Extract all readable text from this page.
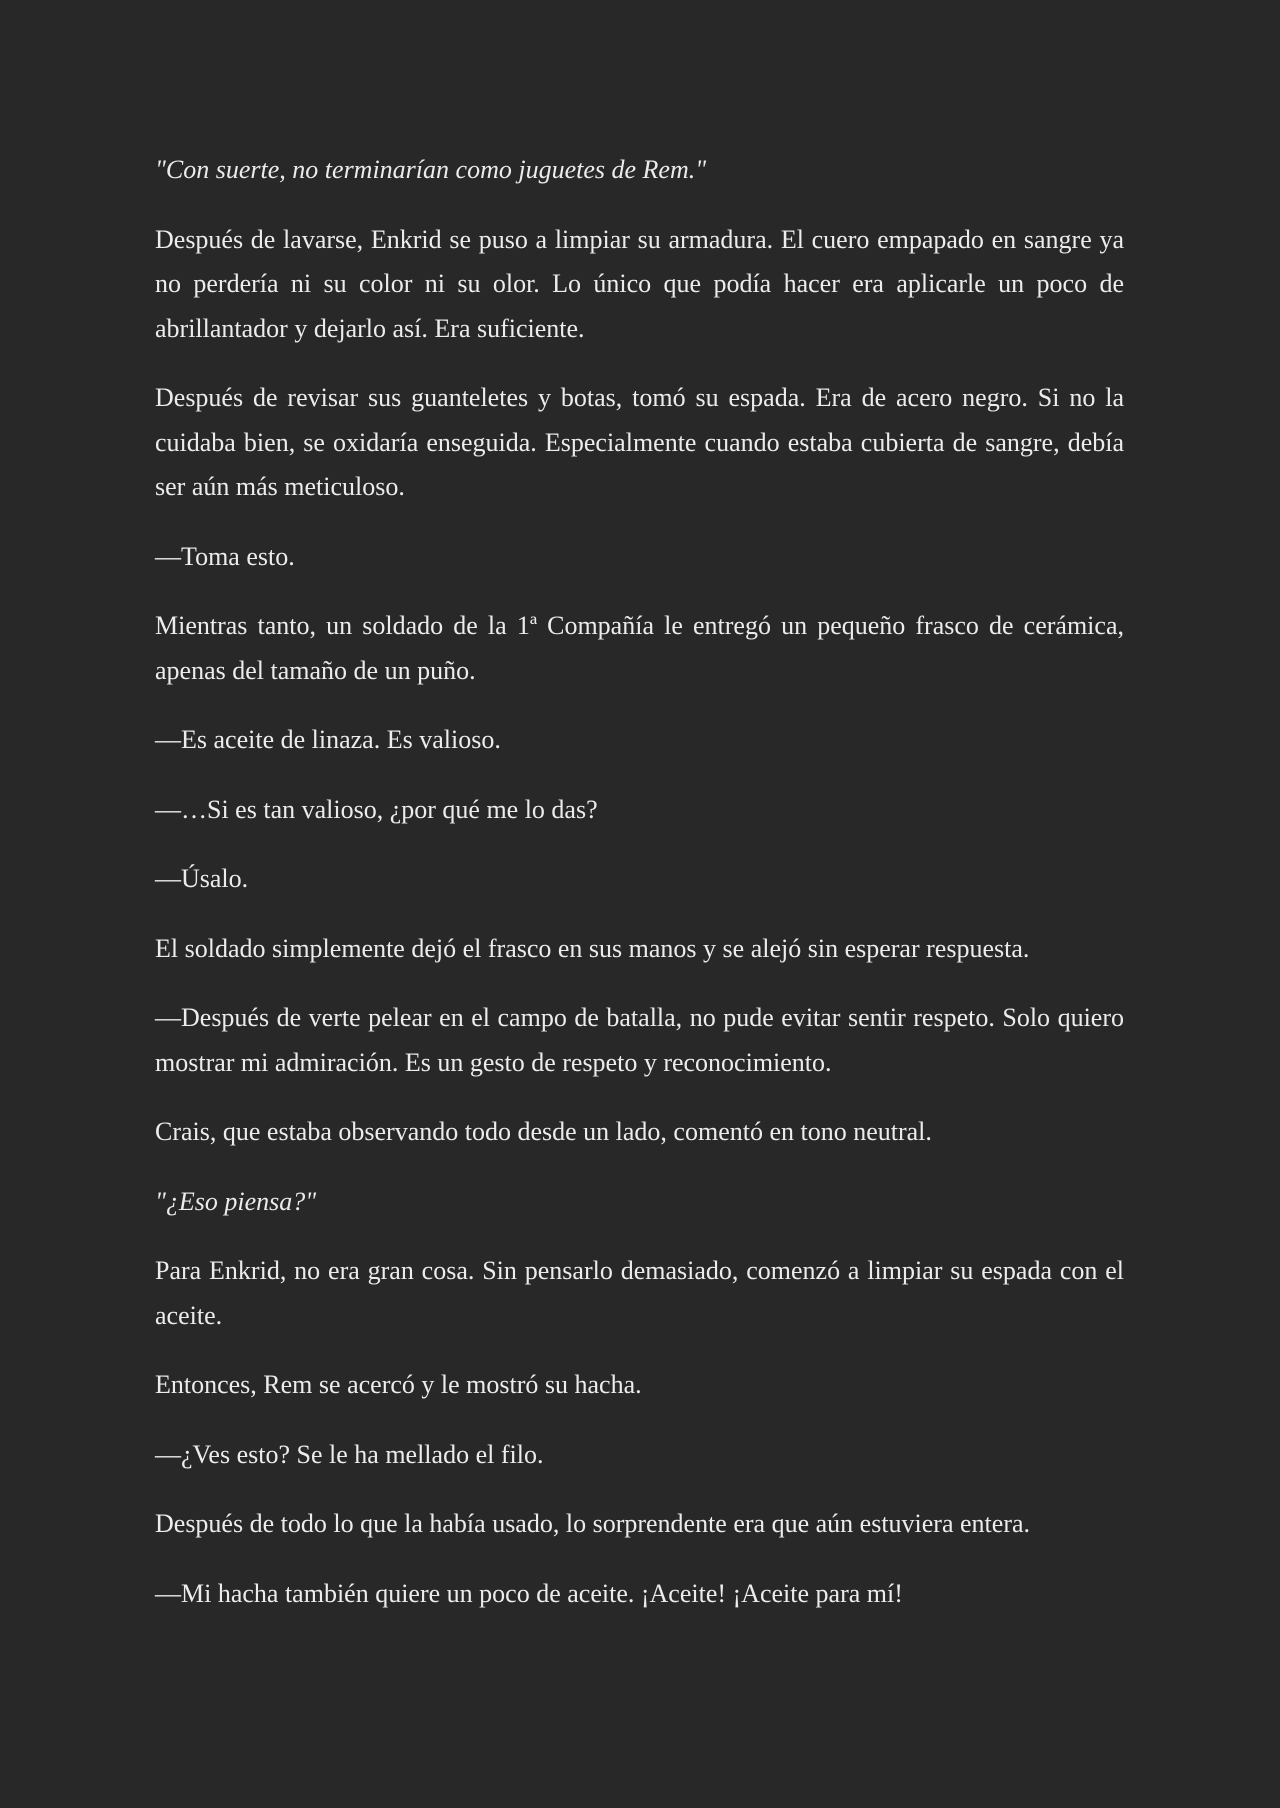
"Con suerte, no terminarían como juguetes de Rem."

Después de lavarse, Enkrid se puso a limpiar su armadura. El cuero empapado en sangre ya no perdería ni su color ni su olor. Lo único que podía hacer era aplicarle un poco de abrillantador y dejarlo así. Era suficiente.

Después de revisar sus guanteletes y botas, tomó su espada. Era de acero negro. Si no la cuidaba bien, se oxidaría enseguida. Especialmente cuando estaba cubierta de sangre, debía ser aún más meticuloso.

—Toma esto.

Mientras tanto, un soldado de la 1ª Compañía le entregó un pequeño frasco de cerámica, apenas del tamaño de un puño.

—Es aceite de linaza. Es valioso.

—…Si es tan valioso, ¿por qué me lo das?

—Úsalo.

El soldado simplemente dejó el frasco en sus manos y se alejó sin esperar respuesta.

—Después de verte pelear en el campo de batalla, no pude evitar sentir respeto. Solo quiero mostrar mi admiración. Es un gesto de respeto y reconocimiento.

Crais, que estaba observando todo desde un lado, comentó en tono neutral.

"¿Eso piensa?"

Para Enkrid, no era gran cosa. Sin pensarlo demasiado, comenzó a limpiar su espada con el aceite.

Entonces, Rem se acercó y le mostró su hacha.

—¿Ves esto? Se le ha mellado el filo.

Después de todo lo que la había usado, lo sorprendente era que aún estuviera entera.

—Mi hacha también quiere un poco de aceite. ¡Aceite! ¡Aceite para mí!
